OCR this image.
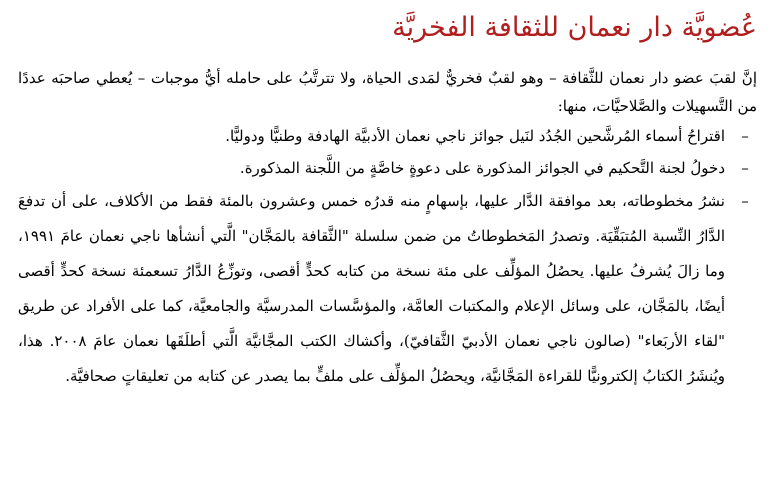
عُضويَّة دار نعمان للثقافة الفخريَّة

إنَّ لقبَ عضو دار نعمان للثَّقافة – وهو لقبٌ فخريٌّ لمَدى الحياة، ولا تترتَّبُ على حامله أيُّ موجبات – يُعطي صاحبَه عددًا من التَّسهيلات والصَّلاحيَّات، منها:

–
اقتراحُ أسماء المُرشَّحين الجُدُد لنَيل جوائز ناجي نعمان الأدبيَّة الهادفة وطنيًّا ودوليًّا.
–
دخولُ لجنة التَّحكيم في الجوائز المذكورة على دعوةٍ خاصَّةٍ من اللَّجنة المذكورة.
–
نشرُ مخطوطاته، بعد موافقة الدَّار عليها، بإسهامٍ منه قدرُه خمس وعشرون بالمئة فقط من الأكلاف، على أن تدفعَ الدَّارُ النِّسبة المُتبَقِّيَة. وتصدرُ المَخطوطاتُ من ضمن سلسلة "الثَّقافة بالمَجَّان" الَّتي أنشأها ناجي نعمان عامَ ١٩٩١، وما زالَ يُشرفُ عليها. يحصُلُ المؤلِّف على مئة نسخة من كتابه كحدٍّ أقصى، وتوزِّعُ الدَّارُ تسعمئة نسخة كحدٍّ أقصى أيضًا، بالمَجَّان، على وسائل الإعلام والمكتبات العامَّة، والمؤسَّسات المدرسيَّة والجامعيَّة، كما على الأفراد عن طريق "لقاء الأربَعاء" (صالون ناجي نعمان الأدبيّ الثَّقافيّ)، وأكشاك الكتب المجَّانيَّة الَّتي أطلَقَها نعمان عامَ ٢٠٠٨. هذا، ويُنشَرُ الكتابُ إلكترونيًّا للقراءة المَجَّانيَّة، ويحصُلُ المؤلِّف على ملفٍّ بما يصدر عن كتابه من تعليقاتٍ صحافيَّة.
